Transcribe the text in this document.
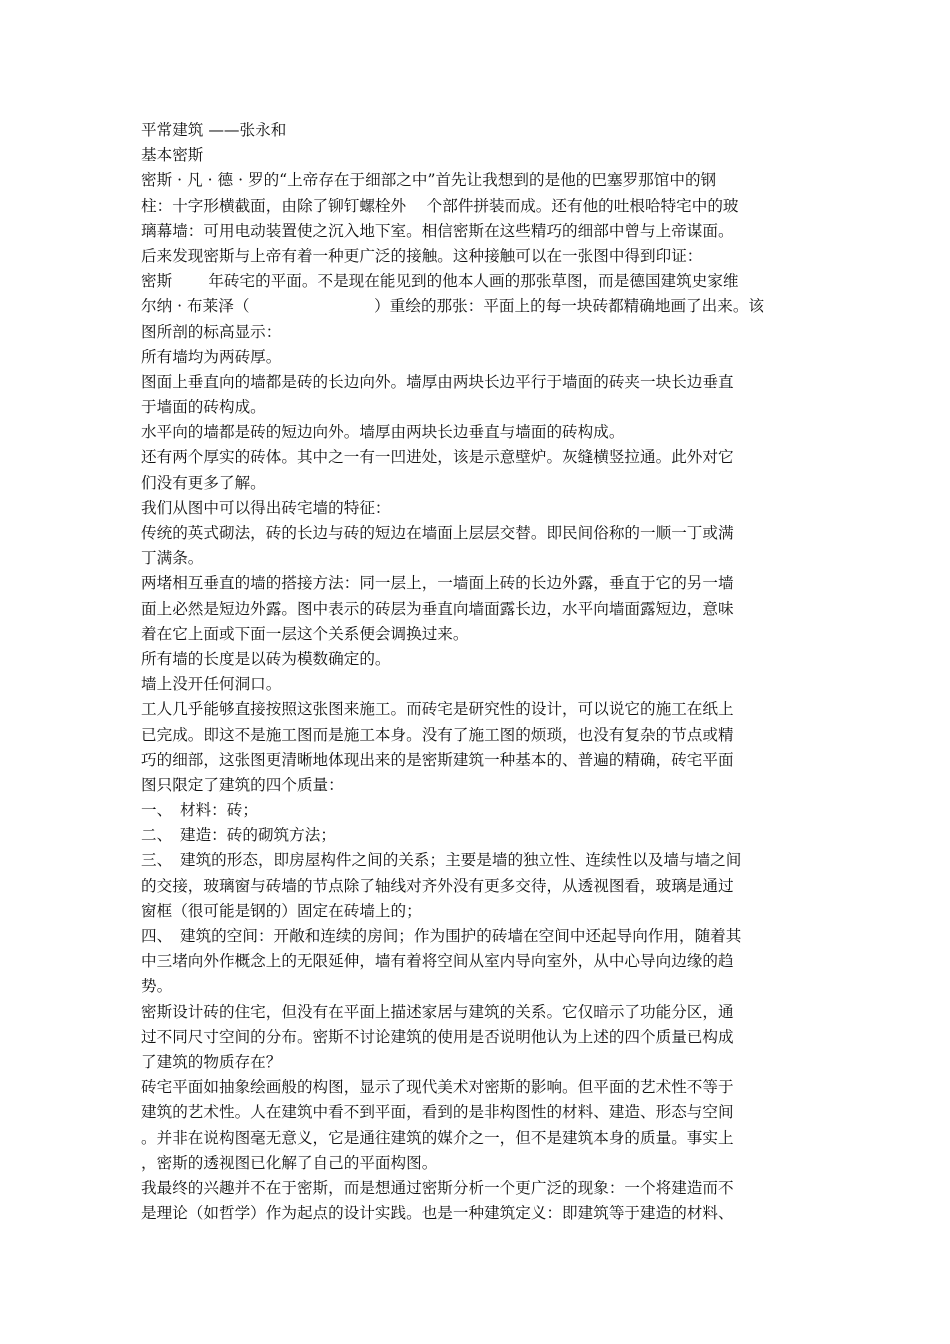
平常建筑 ——张永和
基本密斯
密斯 · 凡 · 德 · 罗的“上帝存在于细部之中”首先让我想到的是他的巴塞罗那馆中的钢
柱：十字形横截面，由除了铆钉螺栓外　 个部件拼装而成。还有他的吐根哈特宅中的玻
璃幕墙：可用电动装置使之沉入地下室。相信密斯在这些精巧的细部中曾与上帝谋面。
后来发现密斯与上帝有着一种更广泛的接触。这种接触可以在一张图中得到印证：
密斯　　 年砖宅的平面。不是现在能见到的他本人画的那张草图，而是德国建筑史家维
尔纳 · 布莱泽（　　　　　　　　）重绘的那张：平面上的每一块砖都精确地画了出来。该
图所剖的标高显示：
所有墙均为两砖厚。
图面上垂直向的墙都是砖的长边向外。墙厚由两块长边平行于墙面的砖夹一块长边垂直
于墙面的砖构成。
水平向的墙都是砖的短边向外。墙厚由两块长边垂直与墙面的砖构成。
还有两个厚实的砖体。其中之一有一凹进处，该是示意壁炉。灰缝横竖拉通。此外对它
们没有更多了解。
我们从图中可以得出砖宅墙的特征：
传统的英式砌法，砖的长边与砖的短边在墙面上层层交替。即民间俗称的一顺一丁或满
丁满条。
两堵相互垂直的墙的搭接方法：同一层上，一墙面上砖的长边外露，垂直于它的另一墙
面上必然是短边外露。图中表示的砖层为垂直向墙面露长边，水平向墙面露短边，意味
着在它上面或下面一层这个关系便会调换过来。
所有墙的长度是以砖为模数确定的。
墙上没开任何洞口。
工人几乎能够直接按照这张图来施工。而砖宅是研究性的设计，可以说它的施工在纸上
已完成。即这不是施工图而是施工本身。没有了施工图的烦琐，也没有复杂的节点或精
巧的细部，这张图更清晰地体现出来的是密斯建筑一种基本的、普遍的精确，砖宅平面
图只限定了建筑的四个质量：
一、　材料：砖；
二、　建造：砖的砌筑方法；
三、　建筑的形态，即房屋构件之间的关系；主要是墙的独立性、连续性以及墙与墙之间
的交接，玻璃窗与砖墙的节点除了轴线对齐外没有更多交待，从透视图看，玻璃是通过
窗框（很可能是钢的）固定在砖墙上的；
四、　建筑的空间：开敞和连续的房间；作为围护的砖墙在空间中还起导向作用，随着其
中三堵向外作概念上的无限延伸，墙有着将空间从室内导向室外，从中心导向边缘的趋
势。
密斯设计砖的住宅，但没有在平面上描述家居与建筑的关系。它仅暗示了功能分区，通
过不同尺寸空间的分布。密斯不讨论建筑的使用是否说明他认为上述的四个质量已构成
了建筑的物质存在？
砖宅平面如抽象绘画般的构图，显示了现代美术对密斯的影响。但平面的艺术性不等于
建筑的艺术性。人在建筑中看不到平面，看到的是非构图性的材料、建造、形态与空间
。并非在说构图毫无意义，它是通往建筑的媒介之一，但不是建筑本身的质量。事实上
，密斯的透视图已化解了自己的平面构图。
我最终的兴趣并不在于密斯，而是想通过密斯分析一个更广泛的现象：一个将建造而不
是理论（如哲学）作为起点的设计实践。也是一种建筑定义：即建筑等于建造的材料、
